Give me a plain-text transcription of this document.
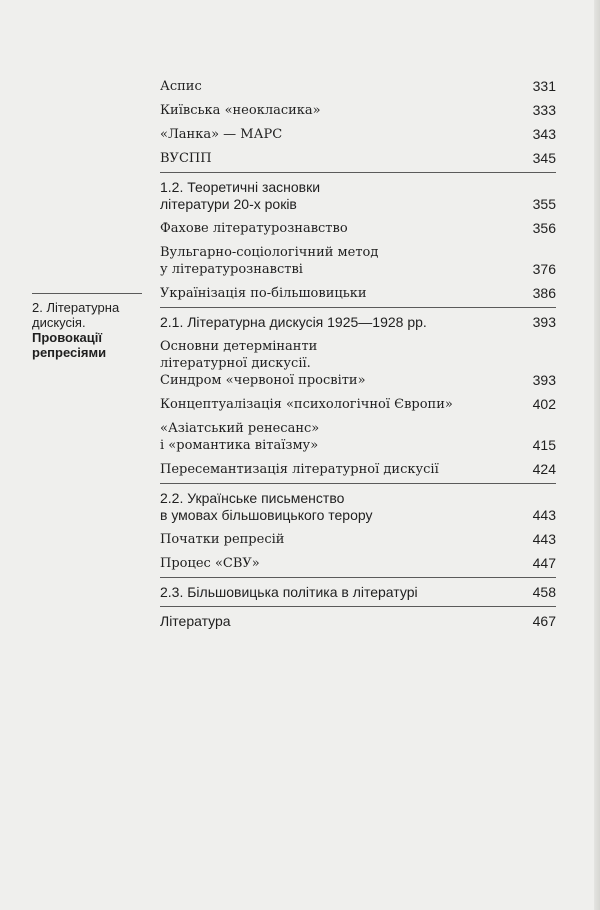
2. Літературна
дискусія.
Провокації
репресіями
Аспис	331
Київська «неокласика»	333
«Ланка» — МАРС	343
ВУСПП	345
1.2. Теоретичні засновки
літератури 20-х років	355
Фахове літературознавство	356
Вульгарно-соціологічний метод
у літературознавстві	376
Українізація по-більшовицьки	386
2.1. Літературна дискусія 1925—1928 рр.	393
Основни детермінанти
літературної дискусії.
Синдром «червоної просвіти»	393
Концептуалізація «психологічної Європи»	402
«Азіатський ренесанс»
і «романтика вітаїзму»	415
Пересемантизація літературної дискусії	424
2.2. Українське письменство
в умовах більшовицького терору	443
Початки репресій	443
Процес «СВУ»	447
2.3. Більшовицька політика в літературі	458
Література	467
